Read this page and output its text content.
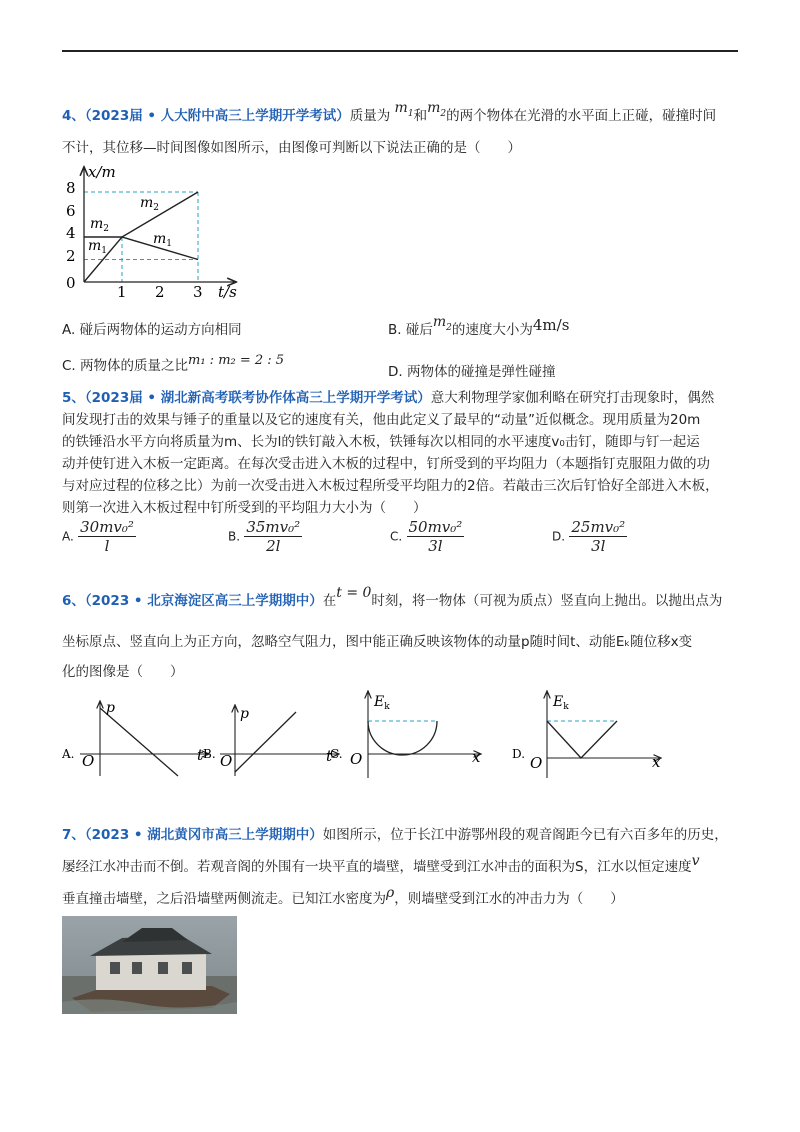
4、（2023届 • 人大附中高三上学期开学考试）质量为 $m_1$和$m_2$的两个物体在光滑的水平面上正碰，碰撞时间
不计，其位移—时间图像如图所示，由图像可判断以下说法正确的是（　　）
x/m
t/s
8
6
4
2
0	1 2 3
$m_2$
$m_1$
$m_2$
$m_1$
A. 碰后两物体的运动方向相同	B. 碰后$m_2$的速度大小为4m/s
C. 两物体的质量之比m₁ : m₂ = 2 : 5
D. 两物体的碰撞是弹性碰撞
5、（2023届 • 湖北新高考联考协作体高三上学期开学考试）意大利物理学家伽利略在研究打击现象时，偶然
间发现打击的效果与锤子的重量以及它的速度有关，他由此定义了最早的“动量”近似概念。现用质量为20m
的铁锤沿水平方向将质量为m、长为l的铁钉敲入木板，铁锤每次以相同的水平速度v₀击钉，随即与钉一起运
动并使钉进入木板一定距离。在每次受击进入木板的过程中，钉所受到的平均阻力（本题指钉克服阻力做的功
与对应过程的位移之比）为前一次受击进入木板过程所受平均阻力的2倍。若敲击三次后钉恰好全部进入木板，
则第一次进入木板过程中钉所受到的平均阻力大小为（　　）
A. $\frac{\text{30mv₀²}}{l}$	B. $\frac{\text{35mv₀²}}{2l}$	C. $\frac{\text{50mv₀²}}{3l}$	D. $\frac{\text{25mv₀²}}{3l}$
6、（2023 • 北京海淀区高三上学期期中）在t = 0时刻，将一物体（可视为质点）竖直向上抛出。以抛出点为
坐标原点、竖直向上为正方向，忽略空气阻力，图中能正确反映该物体的动量p随时间t、动能Eₖ随位移x变
化的图像是（　　）
p
O	t
A.
p
O	t
B.
$E_k$
O	x
C.
$E_k$
O	x
D.
7、（2023 • 湖北黄冈市高三上学期期中）如图所示，位于长江中游鄂州段的观音阁距今已有六百多年的历史，
屡经江水冲击而不倒。若观音阁的外围有一块平直的墙壁，墙壁受到江水冲击的面积为S，江水以恒定速度v
垂直撞击墙壁，之后沿墙壁两侧流走。已知江水密度为ρ，则墙壁受到江水的冲击力为（　　）
